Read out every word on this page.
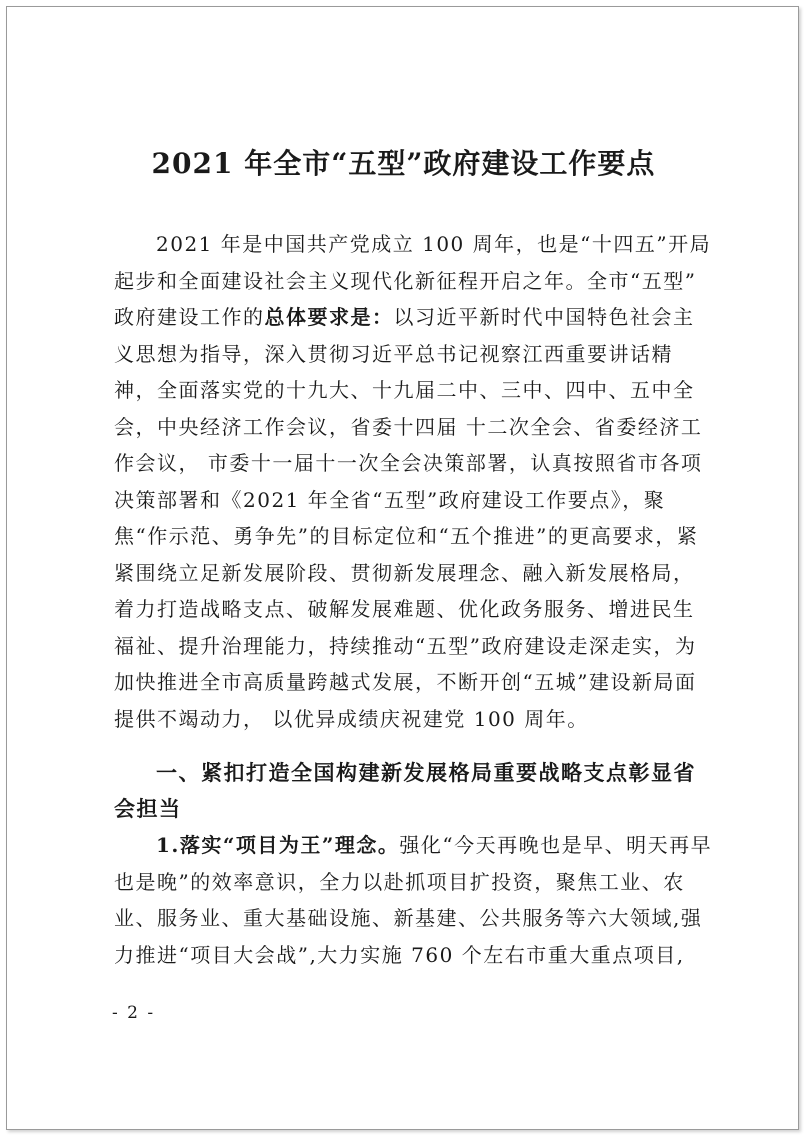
2021 年全市“五型”政府建设工作要点

2021 年是中国共产党成立 100 周年，也是“十四五”开局起步和全面建设社会主义现代化新征程开启之年。全市“五型” 政府建设工作的总体要求是：以习近平新时代中国特色社会主义思想为指导，深入贯彻习近平总书记视察江西重要讲话精神，全面落实党的十九大、十九届二中、三中、四中、五中全会，中央经济工作会议，省委十四届 十二次全会、省委经济工作会议， 市委十一届十一次全会决策部署，认真按照省市各项决策部署和《2021 年全省“五型”政府建设工作要点》，聚焦“作示范、勇争先”的目标定位和“五个推进”的更高要求，紧紧围绕立足新发展阶段、贯彻新发展理念、融入新发展格局，着力打造战略支点、破解发展难题、优化政务服务、增进民生福祉、提升治理能力，持续推动“五型”政府建设走深走实，为加快推进全市高质量跨越式发展，不断开创“五城”建设新局面提供不竭动力， 以优异成绩庆祝建党 100 周年。

一、紧扣打造全国构建新发展格局重要战略支点彰显省会担当

1.落实“项目为王”理念。强化“今天再晚也是早、明天再早也是晚”的效率意识，全力以赴抓项目扩投资，聚焦工业、农业、服务业、重大基础设施、新基建、公共服务等六大领域,强力推进“项目大会战”,大力实施 760 个左右市重大重点项目,

- 2 -
